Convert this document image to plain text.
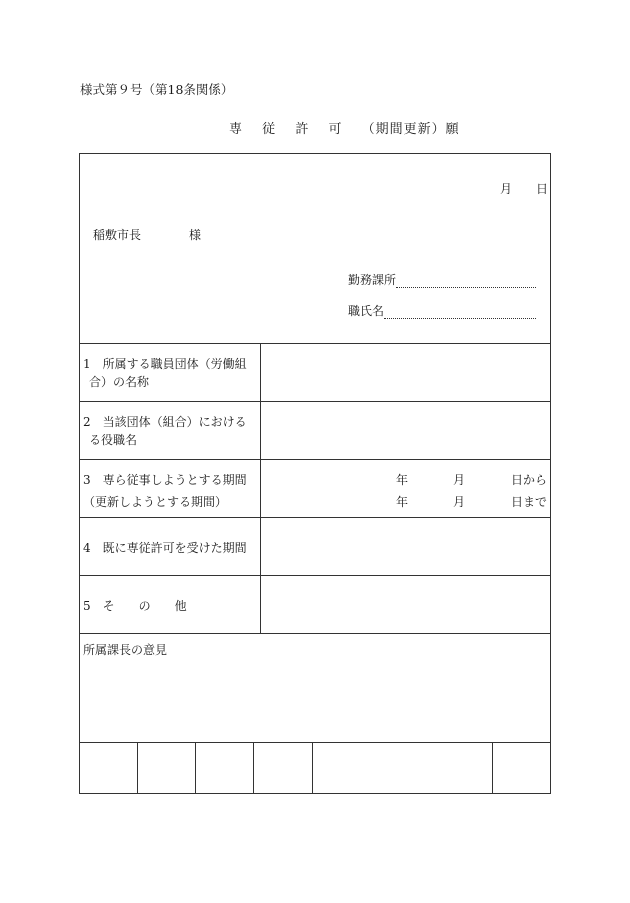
様式第９号（第18条関係）
専 従 許 可 （期間更新）願
月 日
稲敷市長	様
勤務課所
職氏名
1　所属する職員団体（労働組
合）の名称
2　当該団体（組合）における
る役職名
3　専ら従事しようとする期間
（更新しようとする期間）
年	月	日から
年	月	日まで
4　既に専従許可を受けた期間
5　そ　　の　　他
所属課長の意見
